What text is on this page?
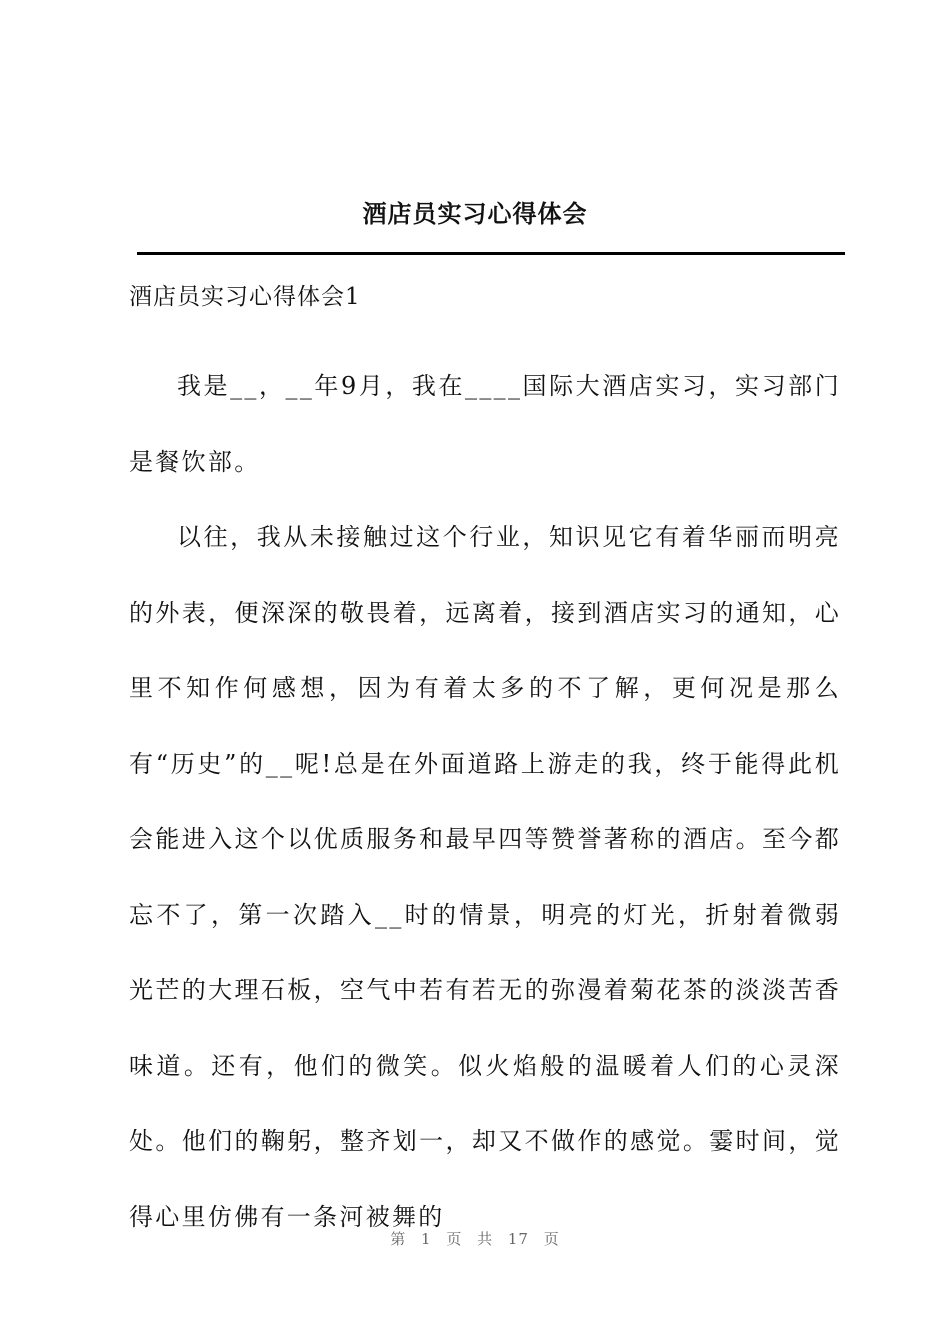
酒店员实习心得体会
酒店员实习心得体会1

我是__，__年9月，我在____国际大酒店实习，实习部门是餐饮部。

以往，我从未接触过这个行业，知识见它有着华丽而明亮的外表，便深深的敬畏着，远离着，接到酒店实习的通知，心里不知作何感想，因为有着太多的不了解，更何况是那么有“历史”的__呢!总是在外面道路上游走的我，终于能得此机会能进入这个以优质服务和最早四等赞誉著称的酒店。至今都忘不了，第一次踏入__时的情景，明亮的灯光，折射着微弱光芒的大理石板，空气中若有若无的弥漫着菊花茶的淡淡苦香味道。还有，他们的微笑。似火焰般的温暖着人们的心灵深处。他们的鞠躬，整齐划一，却又不做作的感觉。霎时间，觉得心里仿佛有一条河被舞的

第 1 页 共 17 页
